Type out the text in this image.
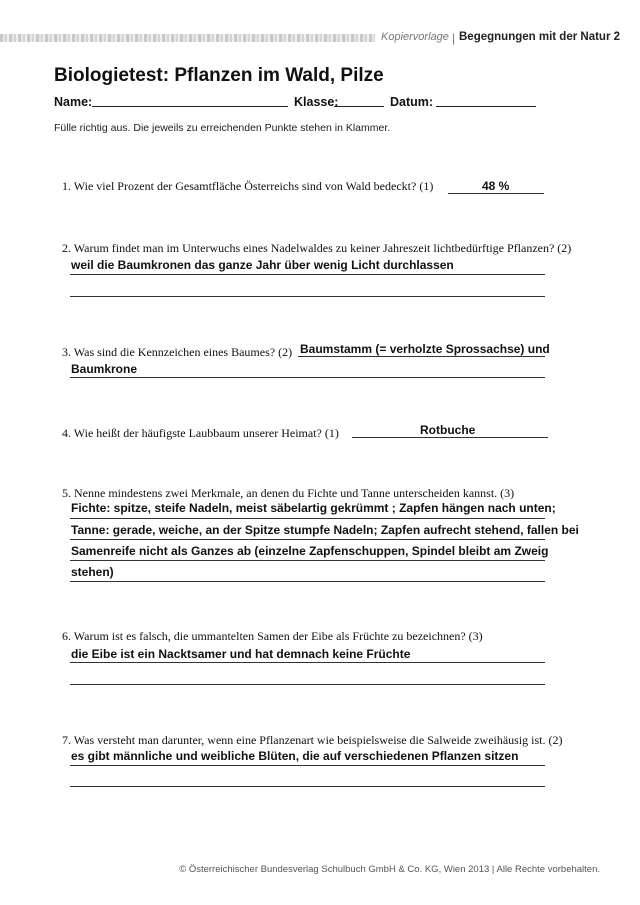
Kopiervorlage | Begegnungen mit der Natur 2
Biologietest: Pflanzen im Wald, Pilze
Name:	Klasse:	Datum:
Fülle richtig aus. Die jeweils zu erreichenden Punkte stehen in Klammer.
1. Wie viel Prozent der Gesamtfläche Österreichs sind von Wald bedeckt? (1)	48 %
2. Warum findet man im Unterwuchs eines Nadelwaldes zu keiner Jahreszeit lichtbedürftige Pflanzen? (2)
weil die Baumkronen das ganze Jahr über wenig Licht durchlassen
3. Was sind die Kennzeichen eines Baumes? (2) Baumstamm (= verholzte Sprossachse) und
Baumkrone
4. Wie heißt der häufigste Laubbaum unserer Heimat? (1)	Rotbuche
5. Nenne mindestens zwei Merkmale, an denen du Fichte und Tanne unterscheiden kannst. (3)
Fichte: spitze, steife Nadeln, meist säbelartig gekrümmt ; Zapfen hängen nach unten;
Tanne: gerade, weiche, an der Spitze stumpfe Nadeln; Zapfen aufrecht stehend, fallen bei
Samenreife nicht als Ganzes ab (einzelne Zapfenschuppen, Spindel bleibt am Zweig
stehen)
6. Warum ist es falsch, die ummantelten Samen der Eibe als Früchte zu bezeichnen? (3)
die Eibe ist ein Nacktsamer und hat demnach keine Früchte
7. Was versteht man darunter, wenn eine Pflanzenart wie beispielsweise die Salweide zweihäusig ist. (2)
es gibt männliche und weibliche Blüten, die auf verschiedenen Pflanzen sitzen
© Österreichischer Bundesverlag Schulbuch GmbH & Co. KG, Wien 2013 | Alle Rechte vorbehalten.
